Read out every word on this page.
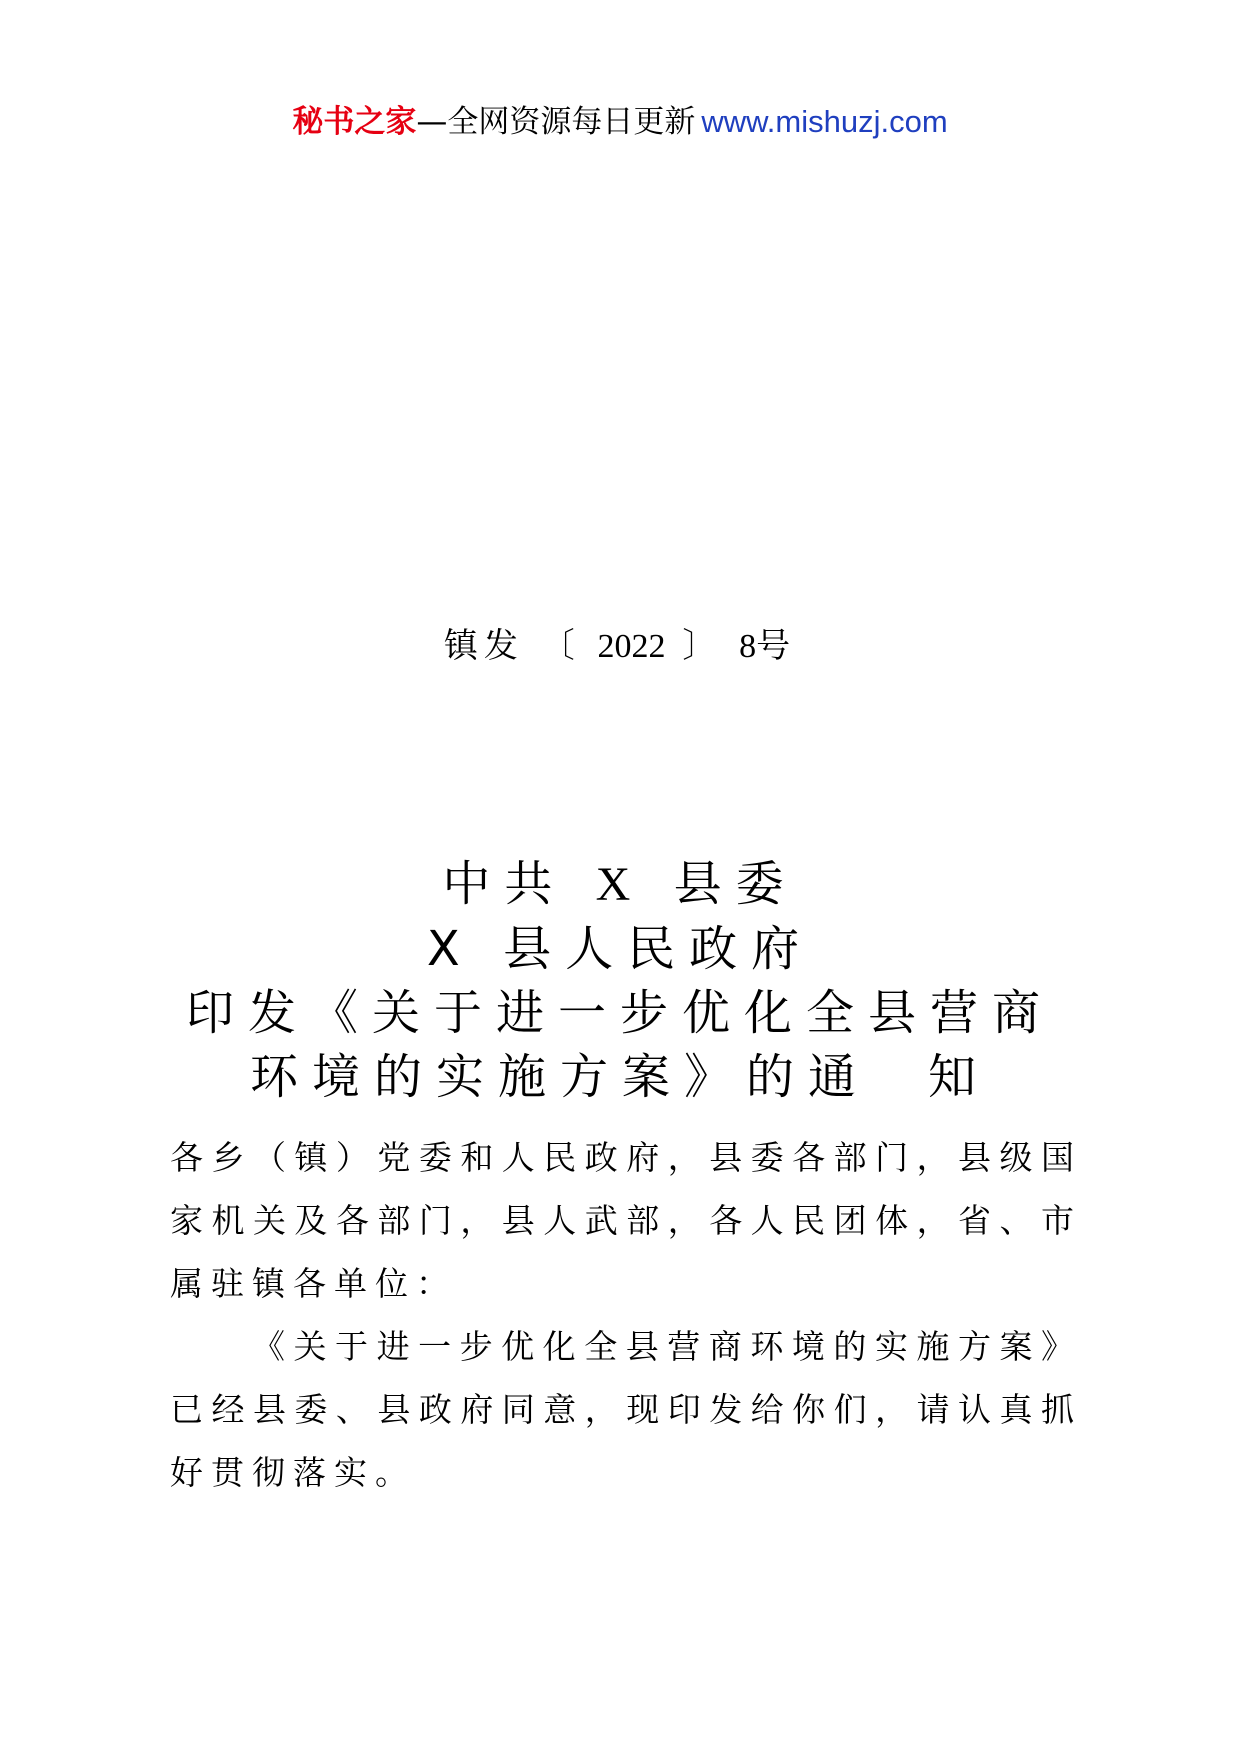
秘书之家—全网资源每日更新 www.mishuzj.com
镇发 〔 2022 〕 8号
中共 X 县委
X 县人民政府
印发《关于进一步优化全县营商
环境的实施方案》的通 知

各乡（镇）党委和人民政府，县委各部门，县级国家机关及各部门，县人武部，各人民团体，省、市属驻镇各单位：

《关于进一步优化全县营商环境的实施方案》已经县委、县政府同意，现印发给你们，请认真抓好贯彻落实。
